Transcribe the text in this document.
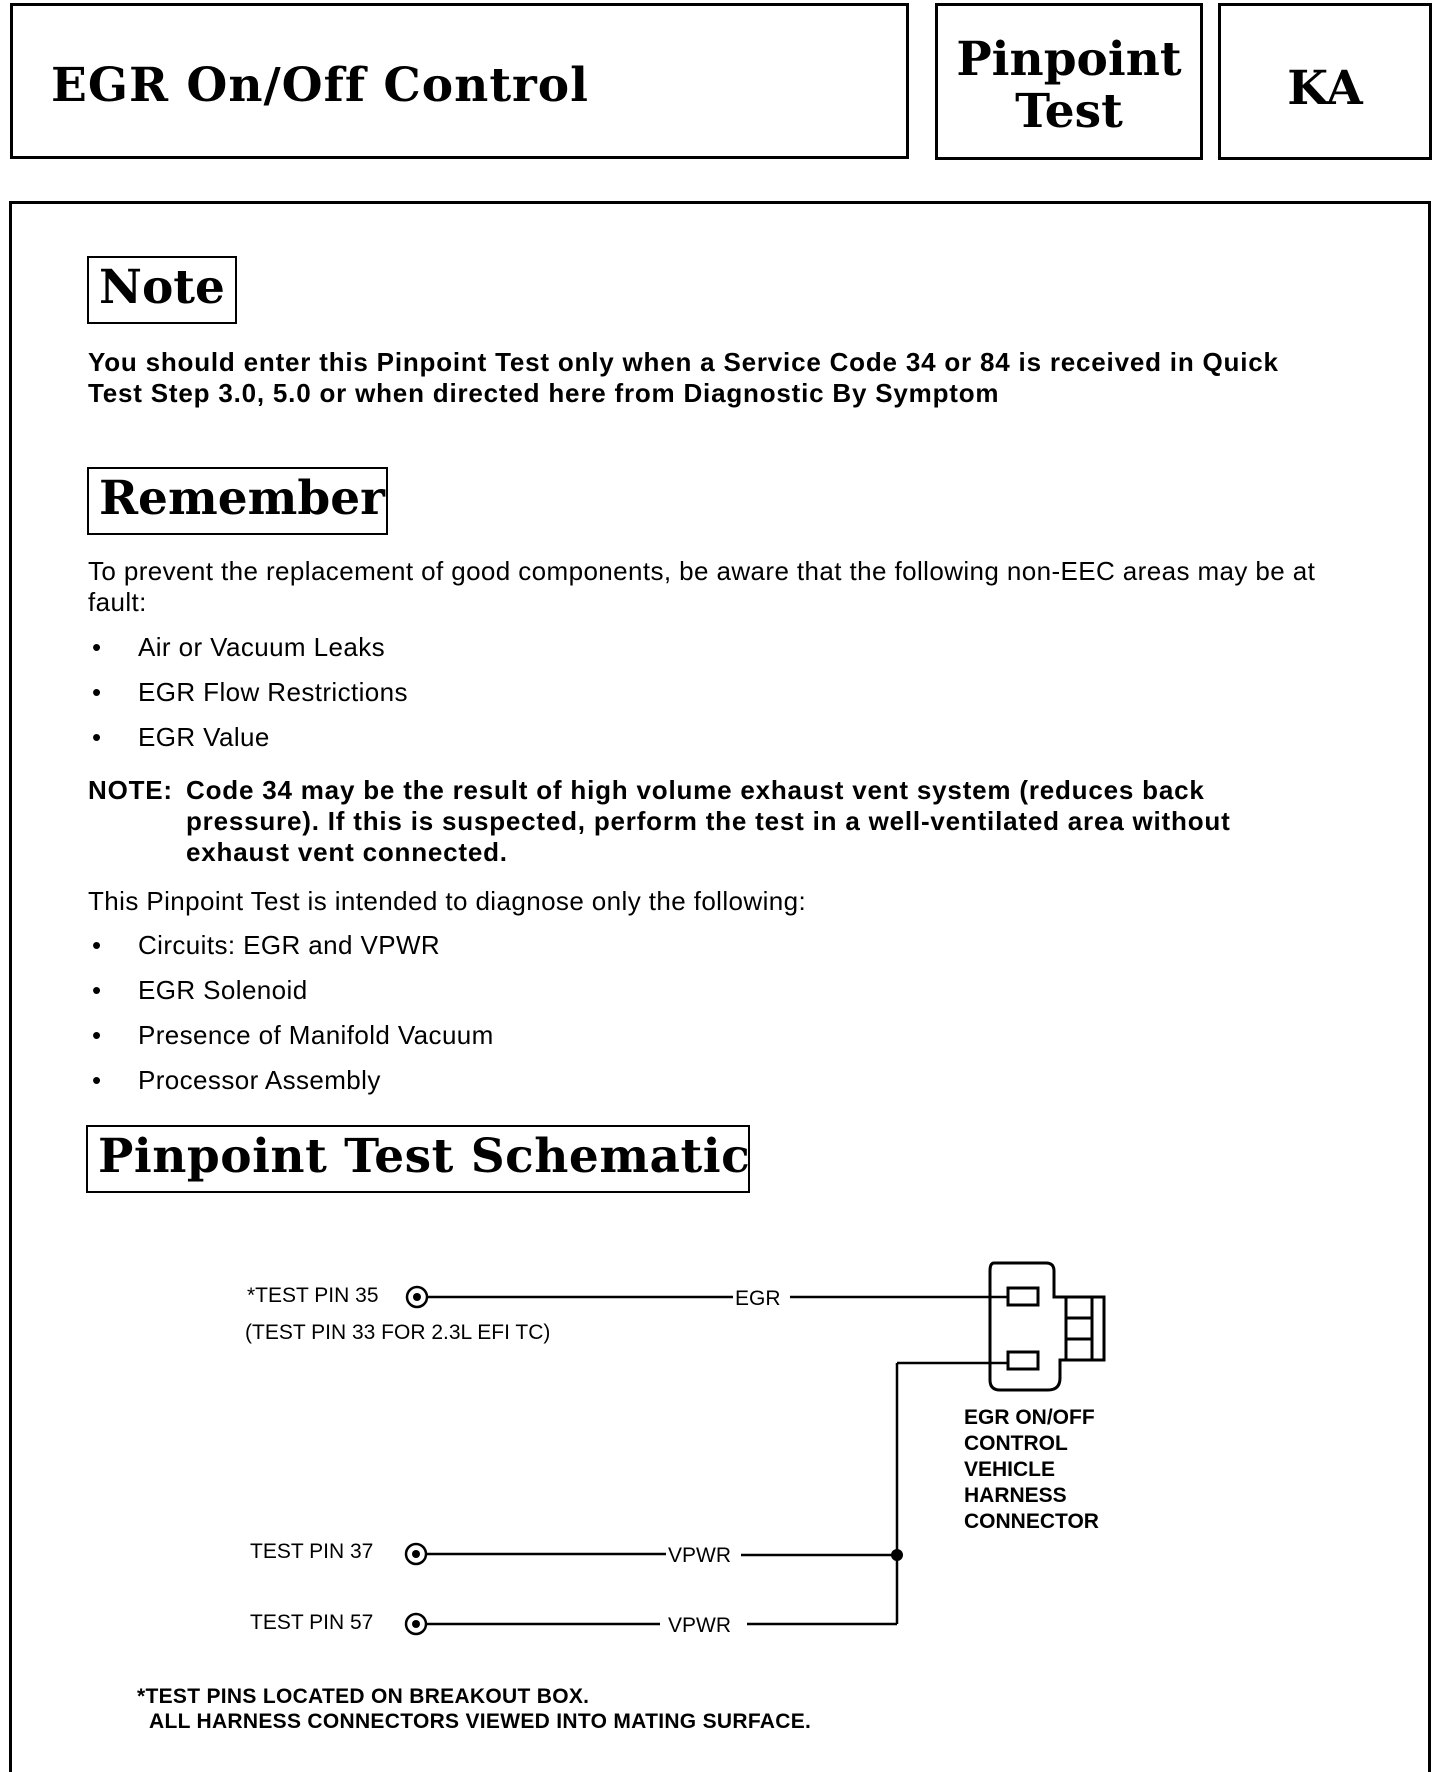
EGR On/Off Control	Pinpoint
Test	KA
Note
You should enter this Pinpoint Test only when a Service Code 34 or 84 is received in Quick Test Step 3.0, 5.0 or when directed here from Diagnostic By Symptom
Remember
To prevent the replacement of good components, be aware that the following non-EEC areas may be at fault:
• Air or Vacuum Leaks
• EGR Flow Restrictions
• EGR Value
NOTE: Code 34 may be the result of high volume exhaust vent system (reduces back pressure). If this is suspected, perform the test in a well-ventilated area without exhaust vent connected.
This Pinpoint Test is intended to diagnose only the following:
• Circuits: EGR and VPWR
• EGR Solenoid
• Presence of Manifold Vacuum
• Processor Assembly
Pinpoint Test Schematic
*TEST PIN 35
(TEST PIN 33 FOR 2.3L EFI TC)
EGR
EGR ON/OFF
CONTROL
VEHICLE
HARNESS
CONNECTOR
TEST PIN 37	VPWR
TEST PIN 57	VPWR
*TEST PINS LOCATED ON BREAKOUT BOX.
ALL HARNESS CONNECTORS VIEWED INTO MATING SURFACE.
